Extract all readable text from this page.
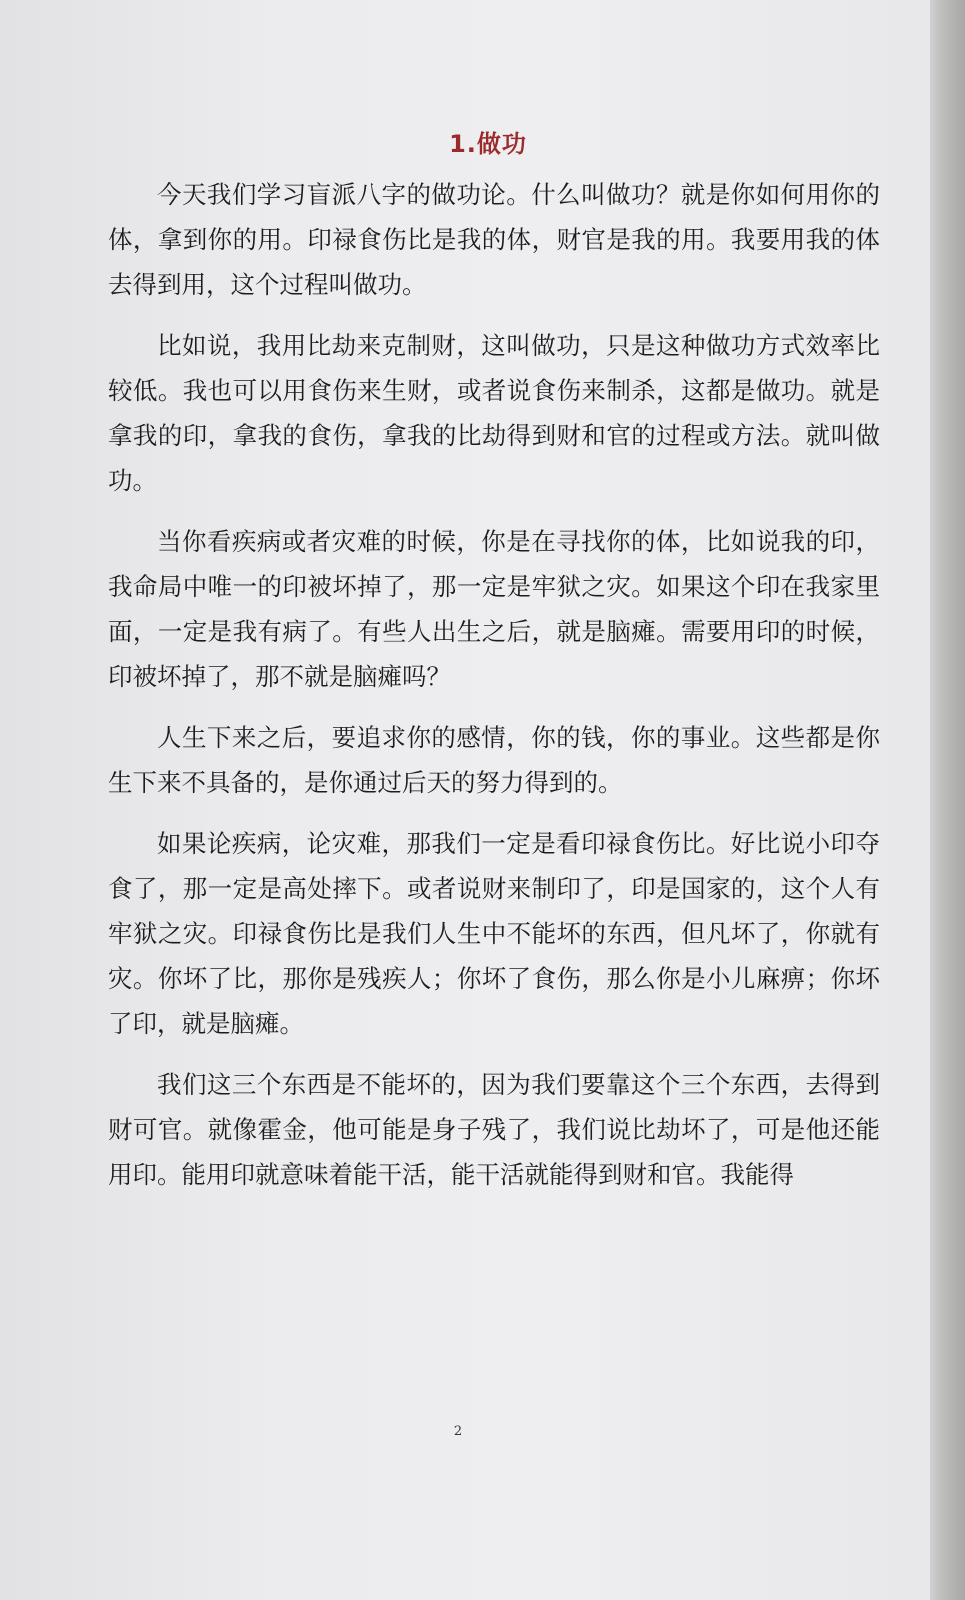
1.做功

今天我们学习盲派八字的做功论。什么叫做功？就是你如何用你的体，拿到你的用。印禄食伤比是我的体，财官是我的用。我要用我的体去得到用，这个过程叫做功。

比如说，我用比劫来克制财，这叫做功，只是这种做功方式效率比较低。我也可以用食伤来生财，或者说食伤来制杀，这都是做功。就是拿我的印，拿我的食伤，拿我的比劫得到财和官的过程或方法。就叫做功。

当你看疾病或者灾难的时候，你是在寻找你的体，比如说我的印，我命局中唯一的印被坏掉了，那一定是牢狱之灾。如果这个印在我家里面，一定是我有病了。有些人出生之后，就是脑瘫。需要用印的时候，印被坏掉了，那不就是脑瘫吗？

人生下来之后，要追求你的感情，你的钱，你的事业。这些都是你生下来不具备的，是你通过后天的努力得到的。

如果论疾病，论灾难，那我们一定是看印禄食伤比。好比说小印夺食了，那一定是高处摔下。或者说财来制印了，印是国家的，这个人有牢狱之灾。印禄食伤比是我们人生中不能坏的东西，但凡坏了，你就有灾。你坏了比，那你是残疾人；你坏了食伤，那么你是小儿麻痹；你坏了印，就是脑瘫。

我们这三个东西是不能坏的，因为我们要靠这个三个东西，去得到财可官。就像霍金，他可能是身子残了，我们说比劫坏了，可是他还能用印。能用印就意味着能干活，能干活就能得到财和官。我能得

2
